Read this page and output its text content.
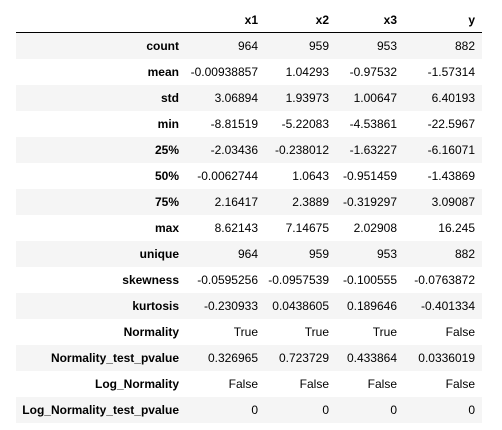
	x1	x2	x3	y
count	964	959	953	882
mean	-0.00938857	1.04293	-0.97532	-1.57314
std	3.06894	1.93973	1.00647	6.40193
min	-8.81519	-5.22083	-4.53861	-22.5967
25%	-2.03436	-0.238012	-1.63227	-6.16071
50%	-0.0062744	1.0643	-0.951459	-1.43869
75%	2.16417	2.3889	-0.319297	3.09087
max	8.62143	7.14675	2.02908	16.245
unique	964	959	953	882
skewness	-0.0595256	-0.0957539	-0.100555	-0.0763872
kurtosis	-0.230933	0.0438605	0.189646	-0.401334
Normality	True	True	True	False
Normality_test_pvalue	0.326965	0.723729	0.433864	0.0336019
Log_Normality	False	False	False	False
Log_Normality_test_pvalue	0	0	0	0
